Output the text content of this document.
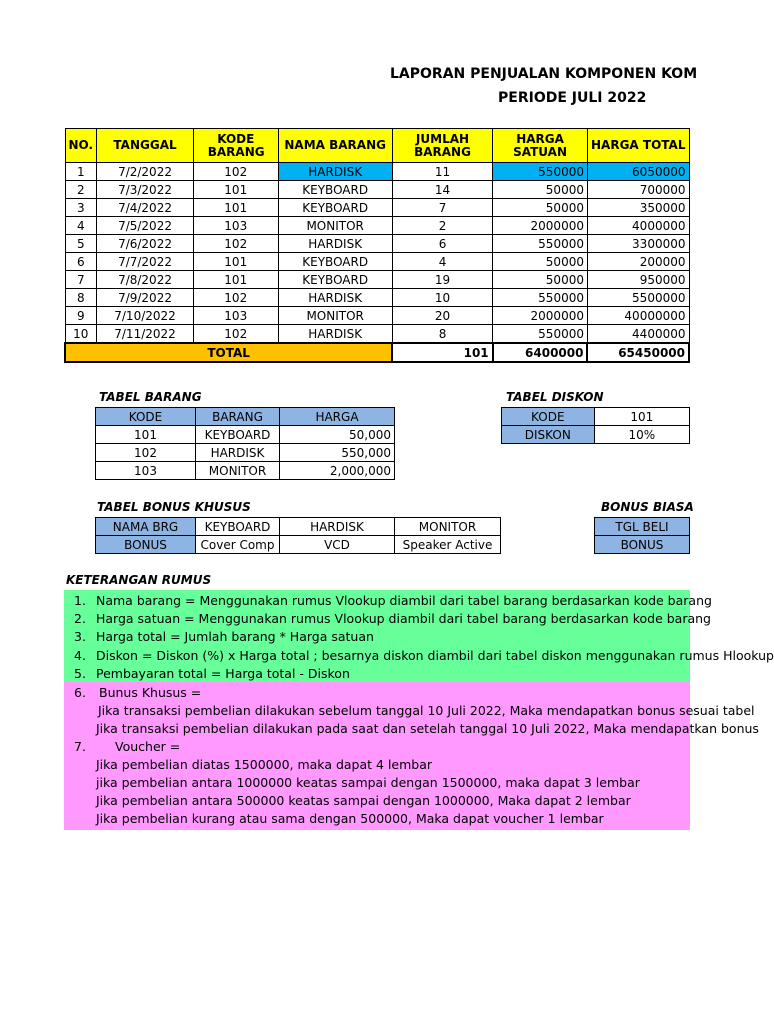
LAPORAN PENJUALAN KOMPONEN KOM
PERIODE JULI 2022
NO.	TANGGAL	KODE BARANG	NAMA BARANG	JUMLAH BARANG	HARGA SATUAN	HARGA TOTAL
1	7/2/2022	102	HARDISK	11	550000	6050000
2	7/3/2022	101	KEYBOARD	14	50000	700000
3	7/4/2022	101	KEYBOARD	7	50000	350000
4	7/5/2022	103	MONITOR	2	2000000	4000000
5	7/6/2022	102	HARDISK	6	550000	3300000
6	7/7/2022	101	KEYBOARD	4	50000	200000
7	7/8/2022	101	KEYBOARD	19	50000	950000
8	7/9/2022	102	HARDISK	10	550000	5500000
9	7/10/2022	103	MONITOR	20	2000000	40000000
10	7/11/2022	102	HARDISK	8	550000	4400000
TOTAL				101	6400000	65450000
TABEL BARANG
KODE	BARANG	HARGA
101	KEYBOARD	50,000
102	HARDISK	550,000
103	MONITOR	2,000,000
TABEL DISKON
KODE	101
DISKON	10%
TABEL BONUS KHUSUS
NAMA BRG	KEYBOARD	HARDISK	MONITOR
BONUS	Cover Comp	VCD	Speaker Active
BONUS BIASA
TGL BELI
BONUS
KETERANGAN RUMUS
1. Nama barang = Menggunakan rumus Vlookup diambil dari tabel barang berdasarkan kode barang
2. Harga satuan = Menggunakan rumus Vlookup diambil dari tabel barang berdasarkan kode barang
3. Harga total = Jumlah barang * Harga satuan
4. Diskon = Diskon (%) x Harga total ; besarnya diskon diambil dari tabel diskon menggunakan rumus Hlookup
5. Pembayaran total = Harga total - Diskon
6. Bunus Khusus =
Jika transaksi pembelian dilakukan sebelum tanggal 10 Juli 2022, Maka mendapatkan bonus sesuai tabel
Jika transaksi pembelian dilakukan pada saat dan setelah tanggal 10 Juli 2022, Maka mendapatkan bonus
7. Voucher =
Jika pembelian diatas 1500000, maka dapat 4 lembar
jika pembelian antara 1000000 keatas sampai dengan 1500000, maka dapat 3 lembar
Jika pembelian antara 500000 keatas sampai dengan 1000000, Maka dapat 2 lembar
Jika pembelian kurang atau sama dengan 500000, Maka dapat voucher 1 lembar
